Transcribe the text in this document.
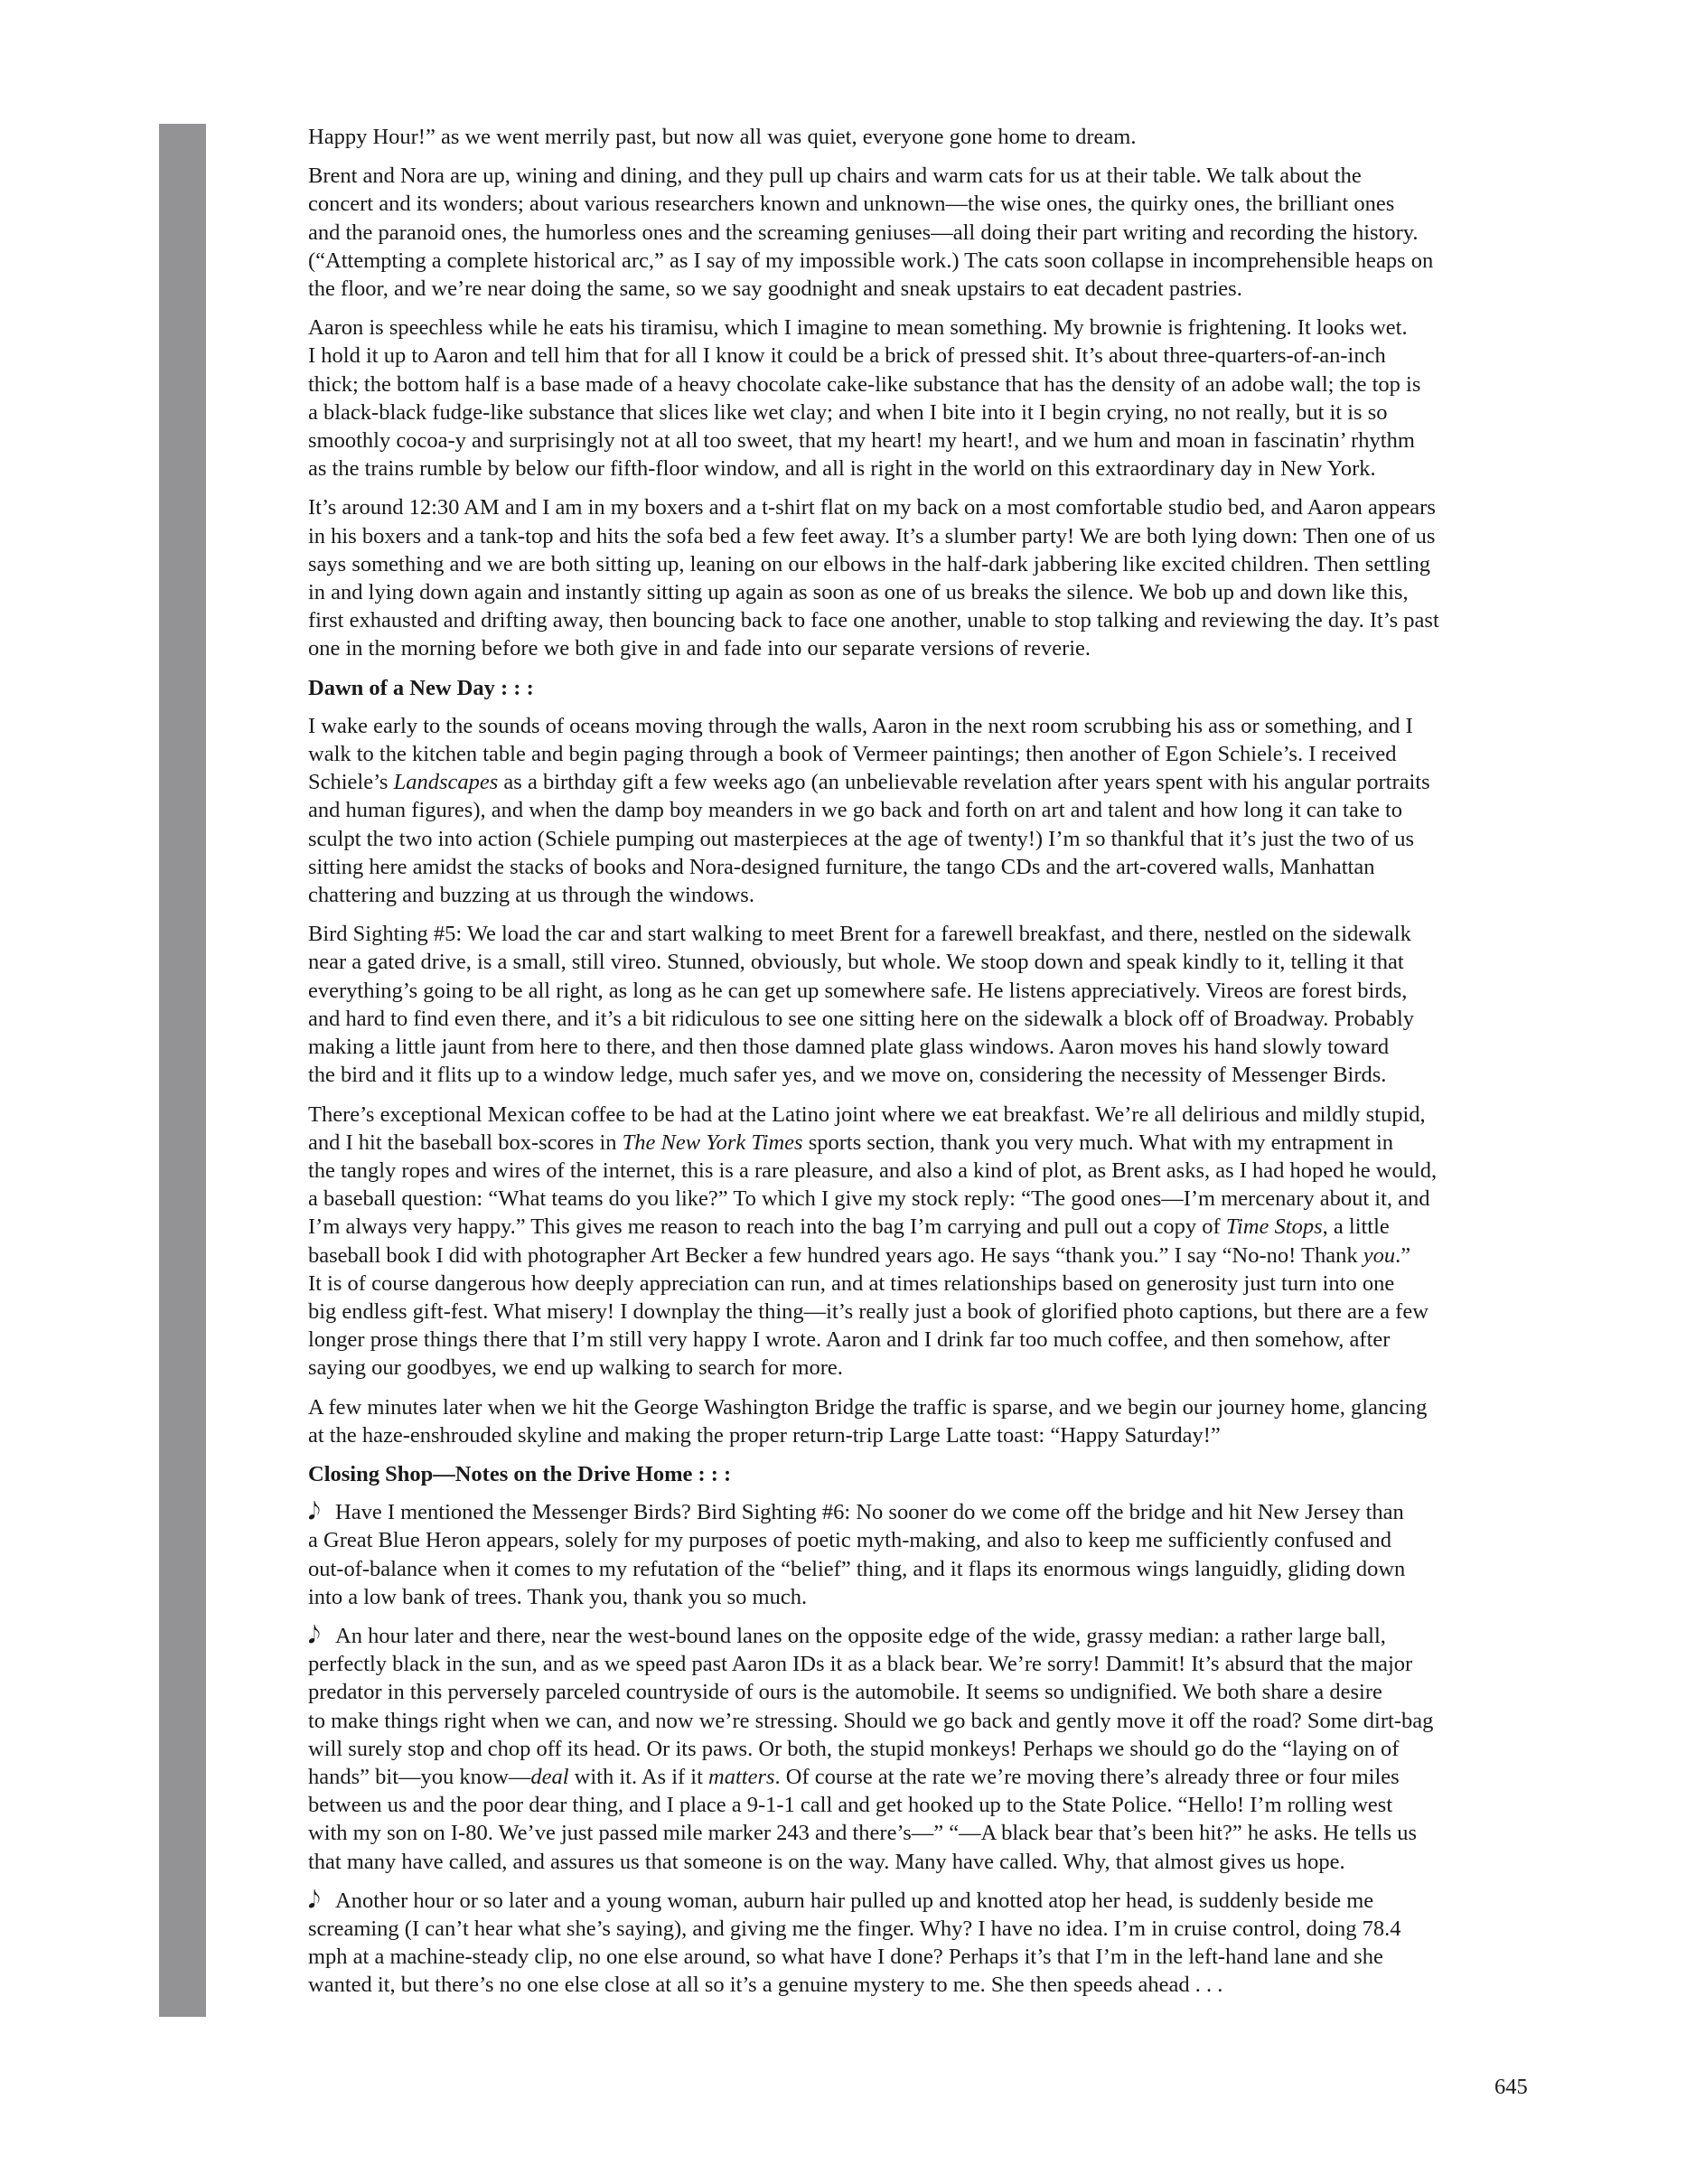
Happy Hour!” as we went merrily past, but now all was quiet, everyone gone home to dream.

Brent and Nora are up, wining and dining, and they pull up chairs and warm cats for us at their table. We talk about the
concert and its wonders; about various researchers known and unknown—the wise ones, the quirky ones, the brilliant ones
and the paranoid ones, the humorless ones and the screaming geniuses—all doing their part writing and recording the history.
(“Attempting a complete historical arc,” as I say of my impossible work.) The cats soon collapse in incomprehensible heaps on
the floor, and we’re near doing the same, so we say goodnight and sneak upstairs to eat decadent pastries.

Aaron is speechless while he eats his tiramisu, which I imagine to mean something. My brownie is frightening. It looks wet.
I hold it up to Aaron and tell him that for all I know it could be a brick of pressed shit. It’s about three-quarters-of-an-inch
thick; the bottom half is a base made of a heavy chocolate cake-like substance that has the density of an adobe wall; the top is
a black-black fudge-like substance that slices like wet clay; and when I bite into it I begin crying, no not really, but it is so
smoothly cocoa-y and surprisingly not at all too sweet, that my heart! my heart!, and we hum and moan in fascinatin’ rhythm
as the trains rumble by below our fifth-floor window, and all is right in the world on this extraordinary day in New York.

It’s around 12:30 AM and I am in my boxers and a t-shirt flat on my back on a most comfortable studio bed, and Aaron appears
in his boxers and a tank-top and hits the sofa bed a few feet away. It’s a slumber party! We are both lying down: Then one of us
says something and we are both sitting up, leaning on our elbows in the half-dark jabbering like excited children. Then settling
in and lying down again and instantly sitting up again as soon as one of us breaks the silence. We bob up and down like this,
first exhausted and drifting away, then bouncing back to face one another, unable to stop talking and reviewing the day. It’s past
one in the morning before we both give in and fade into our separate versions of reverie.

Dawn of a New Day : : :

I wake early to the sounds of oceans moving through the walls, Aaron in the next room scrubbing his ass or something, and I
walk to the kitchen table and begin paging through a book of Vermeer paintings; then another of Egon Schiele’s. I received
Schiele’s Landscapes as a birthday gift a few weeks ago (an unbelievable revelation after years spent with his angular portraits
and human figures), and when the damp boy meanders in we go back and forth on art and talent and how long it can take to
sculpt the two into action (Schiele pumping out masterpieces at the age of twenty!) I’m so thankful that it’s just the two of us
sitting here amidst the stacks of books and Nora-designed furniture, the tango CDs and the art-covered walls, Manhattan
chattering and buzzing at us through the windows.

Bird Sighting #5: We load the car and start walking to meet Brent for a farewell breakfast, and there, nestled on the sidewalk
near a gated drive, is a small, still vireo. Stunned, obviously, but whole. We stoop down and speak kindly to it, telling it that
everything’s going to be all right, as long as he can get up somewhere safe. He listens appreciatively. Vireos are forest birds,
and hard to find even there, and it’s a bit ridiculous to see one sitting here on the sidewalk a block off of Broadway. Probably
making a little jaunt from here to there, and then those damned plate glass windows. Aaron moves his hand slowly toward
the bird and it flits up to a window ledge, much safer yes, and we move on, considering the necessity of Messenger Birds.

There’s exceptional Mexican coffee to be had at the Latino joint where we eat breakfast. We’re all delirious and mildly stupid,
and I hit the baseball box-scores in The New York Times sports section, thank you very much. What with my entrapment in
the tangly ropes and wires of the internet, this is a rare pleasure, and also a kind of plot, as Brent asks, as I had hoped he would,
a baseball question: “What teams do you like?” To which I give my stock reply: “The good ones—I’m mercenary about it, and
I’m always very happy.” This gives me reason to reach into the bag I’m carrying and pull out a copy of Time Stops, a little
baseball book I did with photographer Art Becker a few hundred years ago. He says “thank you.” I say “No-no! Thank you.”
It is of course dangerous how deeply appreciation can run, and at times relationships based on generosity just turn into one
big endless gift-fest. What misery! I downplay the thing—it’s really just a book of glorified photo captions, but there are a few
longer prose things there that I’m still very happy I wrote. Aaron and I drink far too much coffee, and then somehow, after
saying our goodbyes, we end up walking to search for more.

A few minutes later when we hit the George Washington Bridge the traffic is sparse, and we begin our journey home, glancing
at the haze-enshrouded skyline and making the proper return-trip Large Latte toast: “Happy Saturday!”

Closing Shop—Notes on the Drive Home : : :

𝅘𝅥𝅮 Have I mentioned the Messenger Birds? Bird Sighting #6: No sooner do we come off the bridge and hit New Jersey than
a Great Blue Heron appears, solely for my purposes of poetic myth-making, and also to keep me sufficiently confused and
out-of-balance when it comes to my refutation of the “belief” thing, and it flaps its enormous wings languidly, gliding down
into a low bank of trees. Thank you, thank you so much.

𝅘𝅥𝅮 An hour later and there, near the west-bound lanes on the opposite edge of the wide, grassy median: a rather large ball,
perfectly black in the sun, and as we speed past Aaron IDs it as a black bear. We’re sorry! Dammit! It’s absurd that the major
predator in this perversely parceled countryside of ours is the automobile. It seems so undignified. We both share a desire
to make things right when we can, and now we’re stressing. Should we go back and gently move it off the road? Some dirt-bag
will surely stop and chop off its head. Or its paws. Or both, the stupid monkeys! Perhaps we should go do the “laying on of
hands” bit—you know—deal with it. As if it matters. Of course at the rate we’re moving there’s already three or four miles
between us and the poor dear thing, and I place a 9-1-1 call and get hooked up to the State Police. “Hello! I’m rolling west
with my son on I-80. We’ve just passed mile marker 243 and there’s—” “—A black bear that’s been hit?” he asks. He tells us
that many have called, and assures us that someone is on the way. Many have called. Why, that almost gives us hope.

𝅘𝅥𝅮 Another hour or so later and a young woman, auburn hair pulled up and knotted atop her head, is suddenly beside me
screaming (I can’t hear what she’s saying), and giving me the finger. Why? I have no idea. I’m in cruise control, doing 78.4
mph at a machine-steady clip, no one else around, so what have I done? Perhaps it’s that I’m in the left-hand lane and she
wanted it, but there’s no one else close at all so it’s a genuine mystery to me. She then speeds ahead . . .

645
